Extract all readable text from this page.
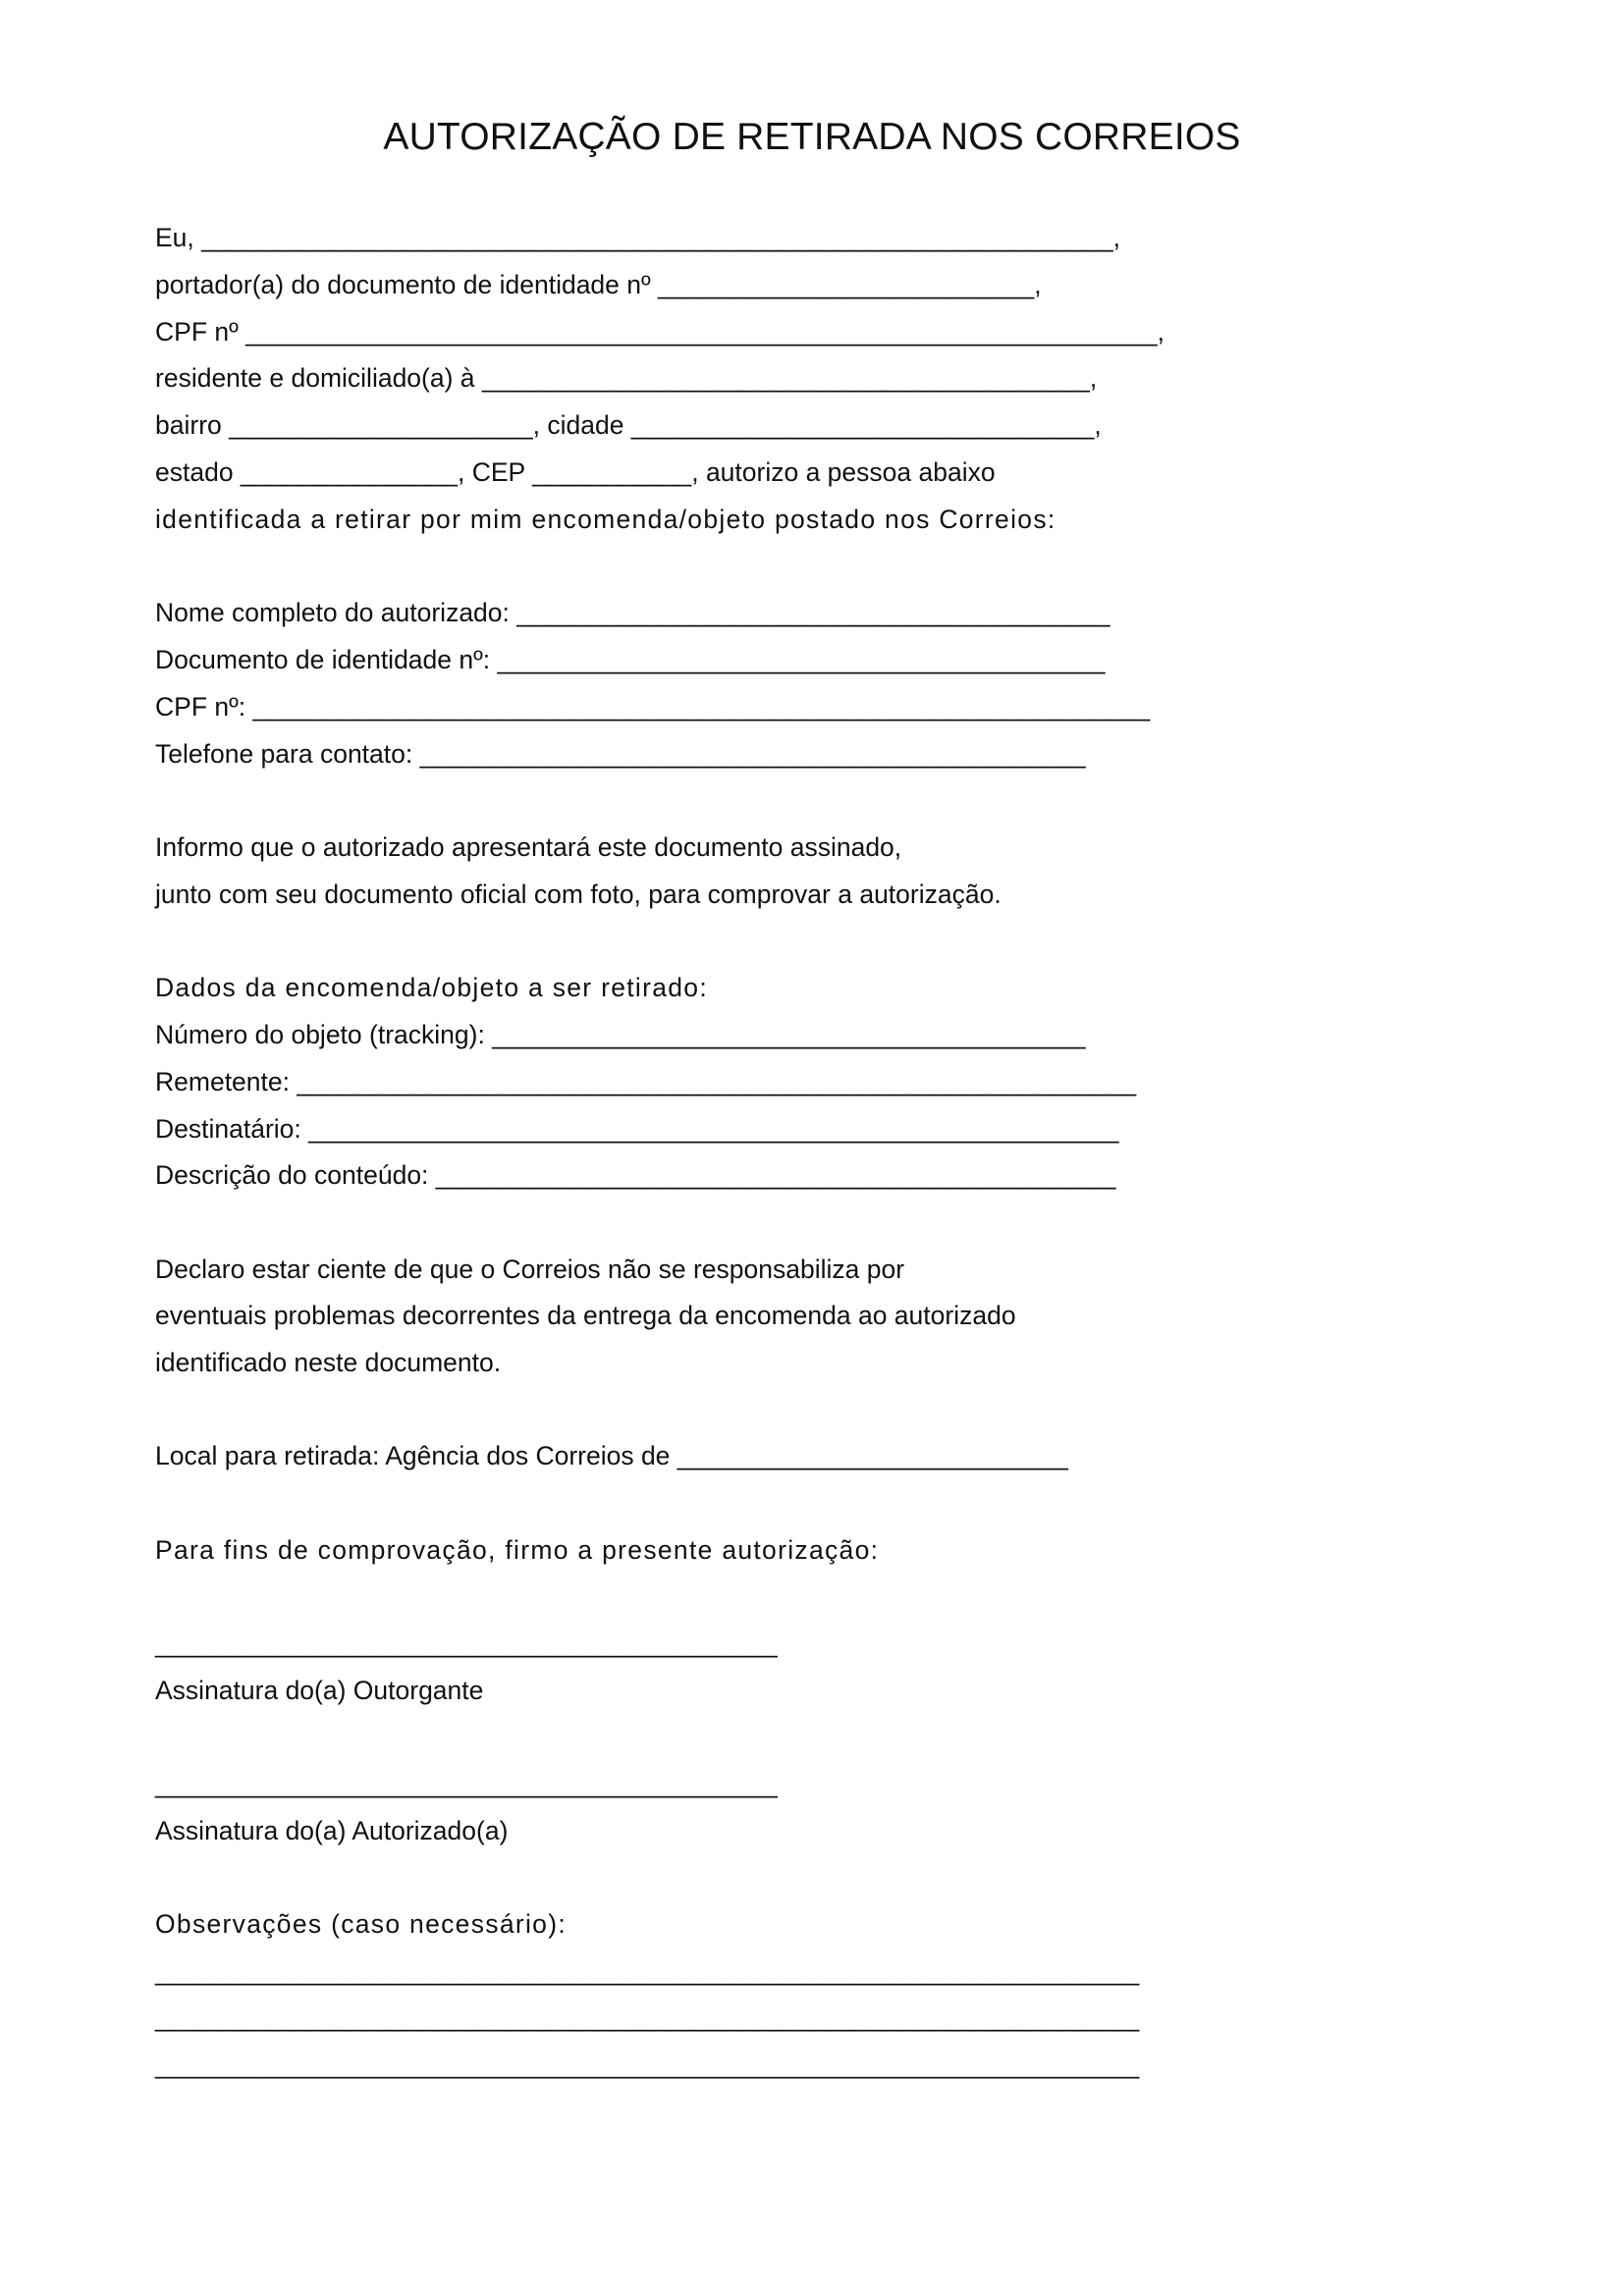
AUTORIZAÇÃO DE RETIRADA NOS CORREIOS
Eu, _______________________________________________________________,
portador(a) do documento de identidade nº __________________________,
CPF nº _______________________________________________________________,
residente e domiciliado(a) à __________________________________________,
bairro _____________________, cidade ________________________________,
estado _______________, CEP ___________, autorizo a pessoa abaixo
identificada a retirar por mim encomenda/objeto postado nos Correios:
Nome completo do autorizado: _________________________________________
Documento de identidade nº: __________________________________________
CPF nº: ______________________________________________________________
Telefone para contato: ______________________________________________
Informo que o autorizado apresentará este documento assinado,
junto com seu documento oficial com foto, para comprovar a autorização.
Dados da encomenda/objeto a ser retirado:
Número do objeto (tracking): _________________________________________
Remetente: __________________________________________________________
Destinatário: ________________________________________________________
Descrição do conteúdo: _______________________________________________
Declaro estar ciente de que o Correios não se responsabiliza por
eventuais problemas decorrentes da entrega da encomenda ao autorizado
identificado neste documento.
Local para retirada: Agência dos Correios de ___________________________
Para fins de comprovação, firmo a presente autorização:
___________________________________________
Assinatura do(a) Outorgante
___________________________________________
Assinatura do(a) Autorizado(a)
Observações (caso necessário):
____________________________________________________________________
____________________________________________________________________
____________________________________________________________________
